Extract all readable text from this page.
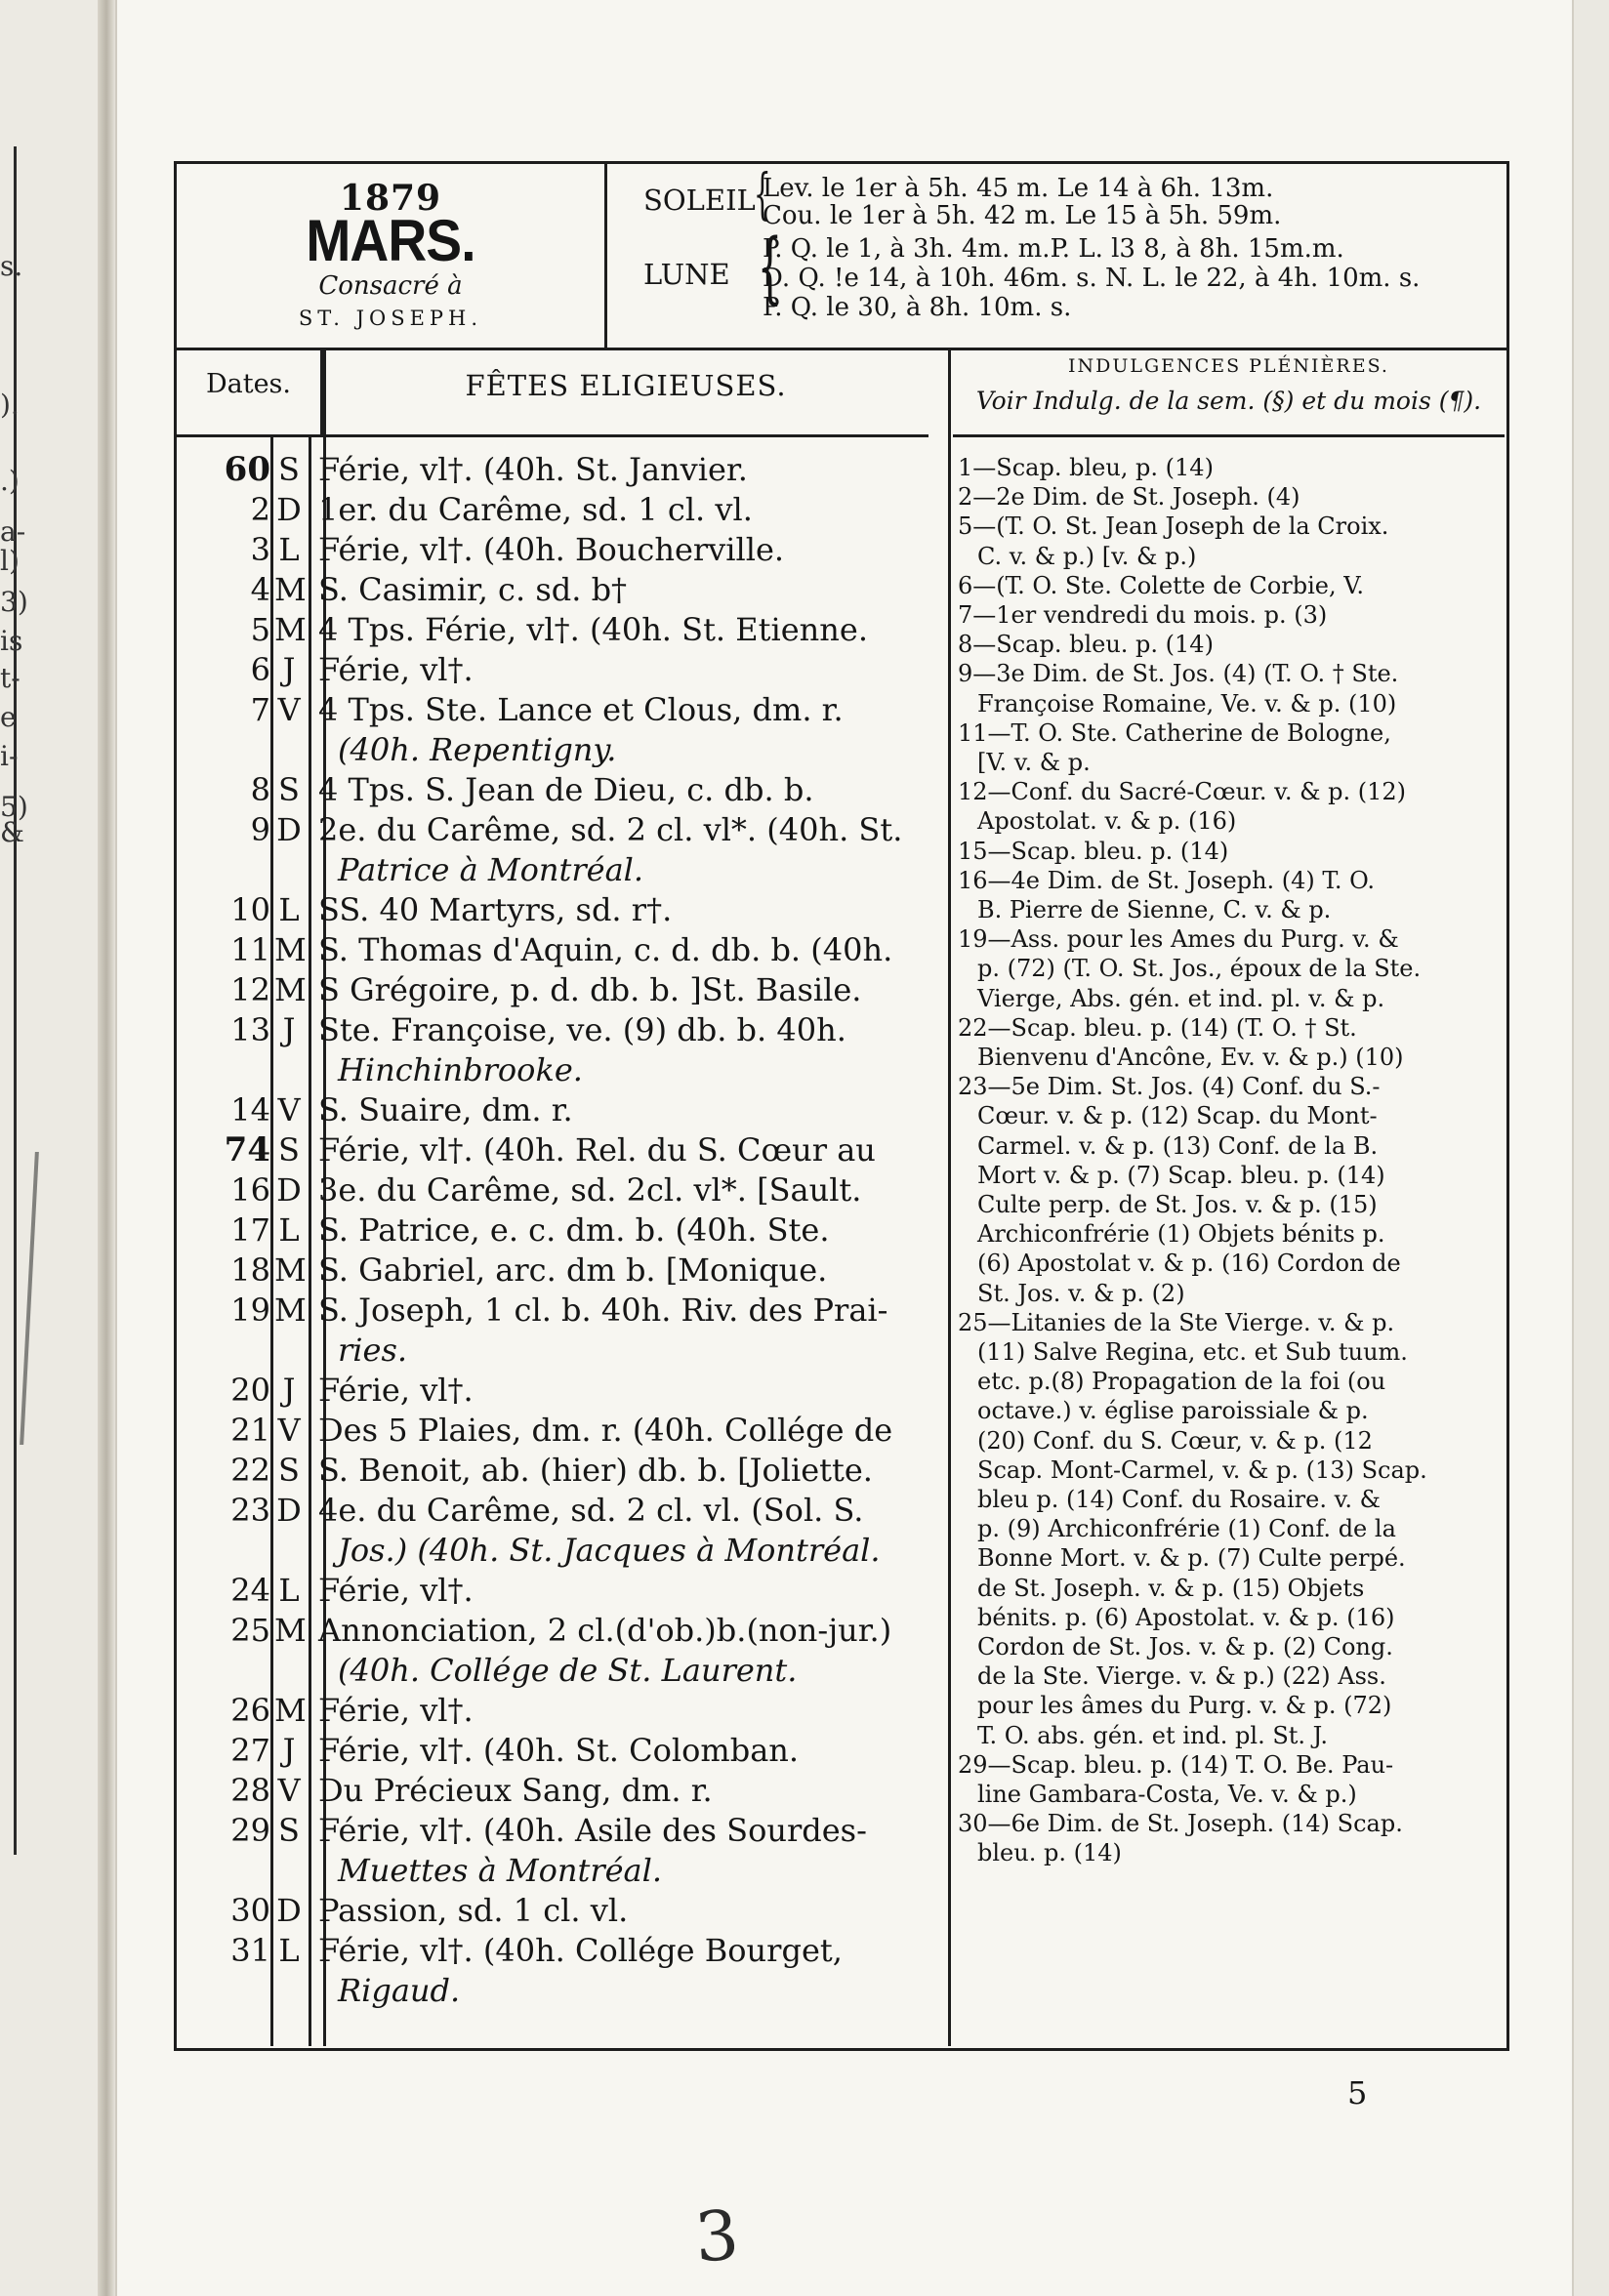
s.
).
.)
a-
l)
3)
is
t-
e
i-
5)
&
1879
MARS.
Consacré à
ST. JOSEPH.
SOLEIL
{
Lev. le 1er à 5h. 45 m. Le 14 à 6h. 13m.
Cou. le 1er à 5h. 42 m. Le 15 à 5h. 59m.
LUNE {
P. Q. le 1, à 3h. 4m. m.P. L. l3 8, à 8h. 15m.m.
D. Q. !e 14, à 10h. 46m. s. N. L. le 22, à 4h. 10m. s.
P. Q. le 30, à 8h. 10m. s.
Dates.	FÊTES ELIGIEUSES.
INDULGENCES PLÉNIÈRES.
Voir Indulg. de la sem. (§) et du mois (¶).
60 S Férie, vl†. (40h. St. Janvier.
2 D 1er. du Carême, sd. 1 cl. vl.
3 L Férie, vl†. (40h. Boucherville.
4 M S. Casimir, c. sd. b†
5 M 4 Tps. Férie, vl†. (40h. St. Etienne.
6 J Férie, vl†.
7 V 4 Tps. Ste. Lance et Clous, dm. r.
(40h. Repentigny.
8 S 4 Tps. S. Jean de Dieu, c. db. b.
9 D 2e. du Carême, sd. 2 cl. vl*. (40h. St.
Patrice à Montréal.
10 L SS. 40 Martyrs, sd. r†.
11 M S. Thomas d'Aquin, c. d. db. b. (40h.
12 M S Grégoire, p. d. db. b. ]St. Basile.
13 J Ste. Françoise, ve. (9) db. b. 40h.
Hinchinbrooke.
14 V S. Suaire, dm. r.
74 S Férie, vl†. (40h. Rel. du S. Cœur au
16 D 3e. du Carême, sd. 2cl. vl*. [Sault.
17 L S. Patrice, e. c. dm. b. (40h. Ste.
18 M S. Gabriel, arc. dm b. [Monique.
19 M S. Joseph, 1 cl. b. 40h. Riv. des Prai-
ries.
20 J Férie, vl†.
21 V Des 5 Plaies, dm. r. (40h. Collége de
22 S S. Benoit, ab. (hier) db. b. [Joliette.
23 D 4e. du Carême, sd. 2 cl. vl. (Sol. S.
Jos.) (40h. St. Jacques à Montréal.
24 L Férie, vl†.
25 M Annonciation, 2 cl.(d'ob.)b.(non-jur.)
(40h. Collége de St. Laurent.
26 M Férie, vl†.
27 J Férie, vl†. (40h. St. Colomban.
28 V Du Précieux Sang, dm. r.
29 S Férie, vl†. (40h. Asile des Sourdes-
Muettes à Montréal.
30 D Passion, sd. 1 cl. vl.
31 L Férie, vl†. (40h. Collége Bourget,
Rigaud.
1—Scap. bleu, p. (14)
2—2e Dim. de St. Joseph. (4)
5—(T. O. St. Jean Joseph de la Croix.
C. v. & p.) [v. & p.)
6—(T. O. Ste. Colette de Corbie, V.
7—1er vendredi du mois. p. (3)
8—Scap. bleu. p. (14)
9—3e Dim. de St. Jos. (4) (T. O. † Ste.
Françoise Romaine, Ve. v. & p. (10)
11—T. O. Ste. Catherine de Bologne,
[V. v. & p.
12—Conf. du Sacré-Cœur. v. & p. (12)
Apostolat. v. & p. (16)
15—Scap. bleu. p. (14)
16—4e Dim. de St. Joseph. (4) T. O.
B. Pierre de Sienne, C. v. & p.
19—Ass. pour les Ames du Purg. v. &
p. (72) (T. O. St. Jos., époux de la Ste.
Vierge, Abs. gén. et ind. pl. v. & p.
22—Scap. bleu. p. (14) (T. O. † St.
Bienvenu d'Ancône, Ev. v. & p.) (10)
23—5e Dim. St. Jos. (4) Conf. du S.-
Cœur. v. & p. (12) Scap. du Mont-
Carmel. v. & p. (13) Conf. de la B.
Mort v. & p. (7) Scap. bleu. p. (14)
Culte perp. de St. Jos. v. & p. (15)
Archiconfrérie (1) Objets bénits p.
(6) Apostolat v. & p. (16) Cordon de
St. Jos. v. & p. (2)
25—Litanies de la Ste Vierge. v. & p.
(11) Salve Regina, etc. et Sub tuum.
etc. p.(8) Propagation de la foi (ou
octave.) v. église paroissiale & p.
(20) Conf. du S. Cœur, v. & p. (12
Scap. Mont-Carmel, v. & p. (13) Scap.
bleu p. (14) Conf. du Rosaire. v. &
p. (9) Archiconfrérie (1) Conf. de la
Bonne Mort. v. & p. (7) Culte perpé.
de St. Joseph. v. & p. (15) Objets
bénits. p. (6) Apostolat. v. & p. (16)
Cordon de St. Jos. v. & p. (2) Cong.
de la Ste. Vierge. v. & p.) (22) Ass.
pour les âmes du Purg. v. & p. (72)
T. O. abs. gén. et ind. pl. St. J.
29—Scap. bleu. p. (14) T. O. Be. Pau-
line Gambara-Costa, Ve. v. & p.)
30—6e Dim. de St. Joseph. (14) Scap.
bleu. p. (14)
5
3
